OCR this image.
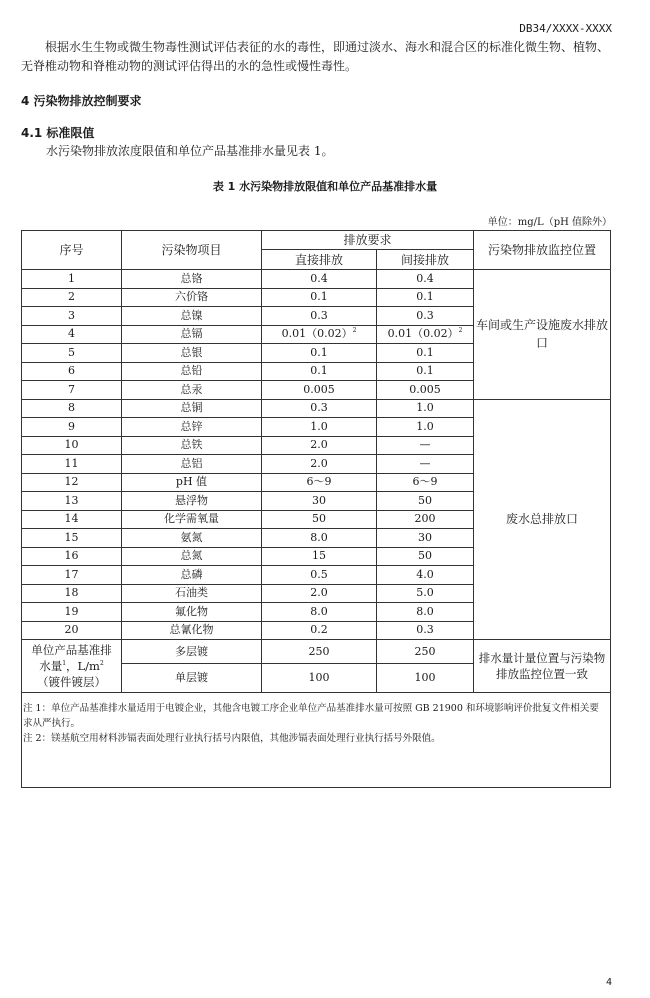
DB34/XXXX-XXXX

根据水生生物或微生物毒性测试评估表征的水的毒性，即通过淡水、海水和混合区的标准化微生物、植物、无脊椎动物和脊椎动物的测试评估得出的水的急性或慢性毒性。

4 污染物排放控制要求
4.1 标准限值
水污染物排放浓度限值和单位产品基准排水量见表 1。
表 1 水污染物排放限值和单位产品基准排水量
单位：mg/L（pH 值除外）
序号	污染物项目	排放要求		污染物排放监控位置
		直接排放	间接排放	
1	总铬	0.4	0.4	车间或生产设施废水排放口
2	六价铬	0.1	0.1	
3	总镍	0.3	0.3	
4	总镉	$0.01(0.02)^2$	$0.01(0.02)^2$
5	总银	0.1	0.1	
6	总铅	0.1	0.1	
7	总汞	0.005	0.005	
8	总铜	0.3	1.0	废水总排放口
9	总锌	1.0	1.0	
10	总铁	2.0	—	
11	总铝	2.0	—	
12	pH 值	6～9	6～9	
13	悬浮物	30	50	
14	化学需氧量	50	200	
15	氨氮	8.0	30	
16	总氮	15	50	
17	总磷	0.5	4.0	
18	石油类	2.0	5.0	
19	氟化物	8.0	8.0	
20	总氰化物	0.2	0.3	

单位产品基准排
水量$^1$，$L/m^2$
（镀件镀层）	多层镀	250	250	排水量计量位置与污染物排放监控位置一致
	单层镀	100	100	

注 1：单位产品基准排水量适用于电镀企业，其他含电镀工序企业单位产品基准排水量可按照 GB 21900 和环境影响评价批复文件相关要求从严执行。
注 2：镁基航空用材料涉镉表面处理行业执行括号内限值，其他涉镉表面处理行业执行括号外限值。				
4
